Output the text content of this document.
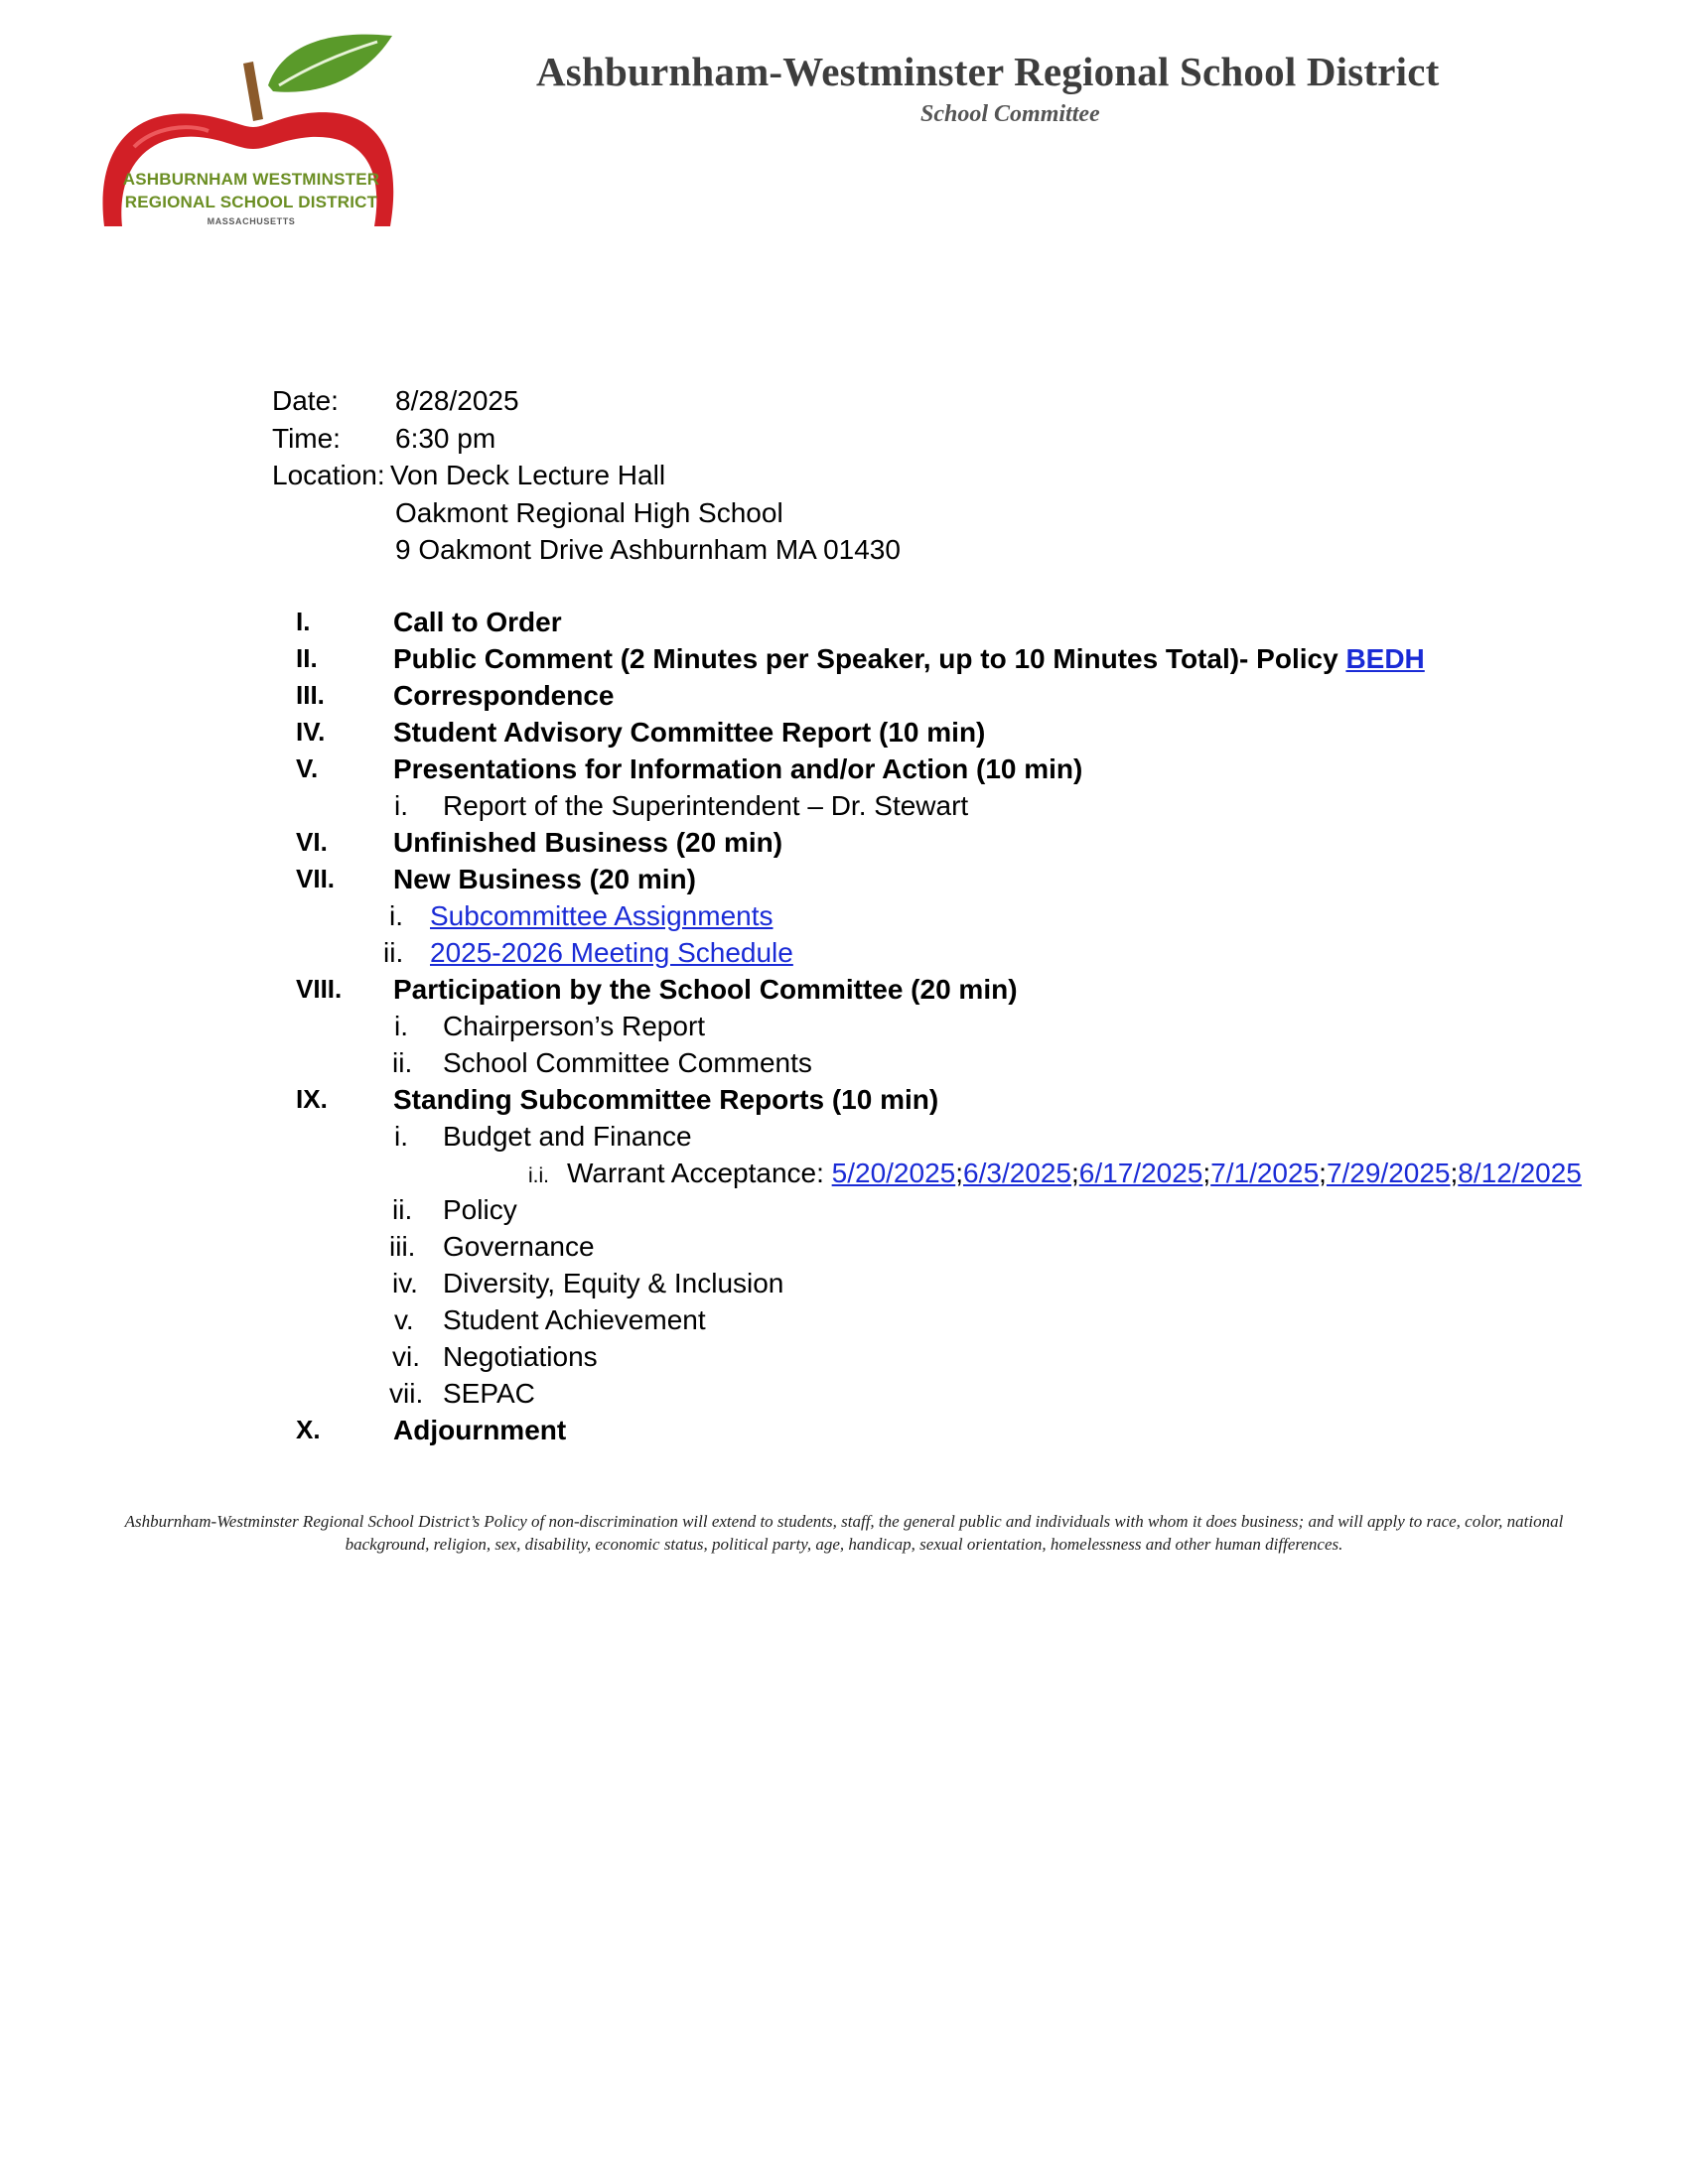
ASHBURNHAM WESTMINSTER
REGIONAL SCHOOL DISTRICT
MASSACHUSETTS
Ashburnham-Westminster Regional School District
School Committee
Date: 8/28/2025
Time: 6:30 pm
Location: Von Deck Lecture Hall
Oakmont Regional High School
9 Oakmont Drive Ashburnham MA 01430
I.	Call to Order
II.	Public Comment (2 Minutes per Speaker, up to 10 Minutes Total)- Policy BEDH
III. Correspondence
IV. Student Advisory Committee Report (10 min)
V.	Presentations for Information and/or Action (10 min)
i. Report of the Superintendent – Dr. Stewart
VI. Unfinished Business (20 min)
VII. New Business (20 min)
i. Subcommittee Assignments
ii. 2025-2026 Meeting Schedule
VIII. Participation by the School Committee (20 min)
i. Chairperson’s Report
ii. School Committee Comments
IX. Standing Subcommittee Reports (10 min)
i. Budget and Finance
i.i. Warrant Acceptance: 5/20/2025;6/3/2025;6/17/2025;7/1/2025;7/29/2025;8/12/2025
ii. Policy
iii. Governance
iv. Diversity, Equity & Inclusion
v. Student Achievement
vi. Negotiations
vii. SEPAC
X.	Adjournment
Ashburnham-Westminster Regional School District’s Policy of non-discrimination will extend to students, staff, the general public and individuals with whom it does business; and will apply to race, color, national
background, religion, sex, disability, economic status, political party, age, handicap, sexual orientation, homelessness and other human differences.
